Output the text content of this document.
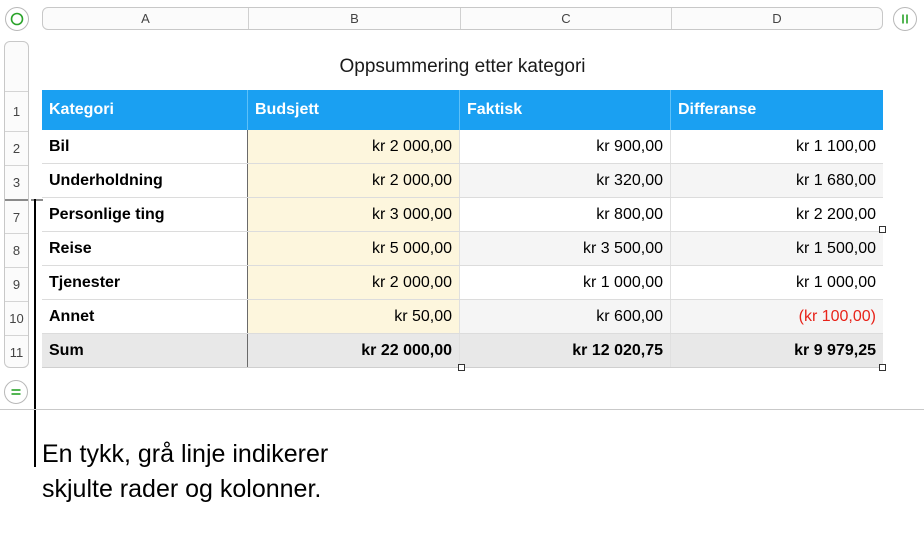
A	B	C	D
1
2
3
7
8
9
10
11
Oppsummering etter kategori
Kategori	Budsjett	Faktisk	Differanse
Bil	kr 2 000,00	kr 900,00	kr 1 100,00
Underholdning	kr 2 000,00	kr 320,00	kr 1 680,00
Personlige ting	kr 3 000,00	kr 800,00	kr 2 200,00
Reise	kr 5 000,00	kr 3 500,00	kr 1 500,00
Tjenester	kr 2 000,00	kr 1 000,00	kr 1 000,00
Annet	kr 50,00	kr 600,00	(kr 100,00)
Sum	kr 22 000,00	kr 12 020,75	kr 9 979,25
En tykk, grå linje indikerer skjulte rader og kolonner.
